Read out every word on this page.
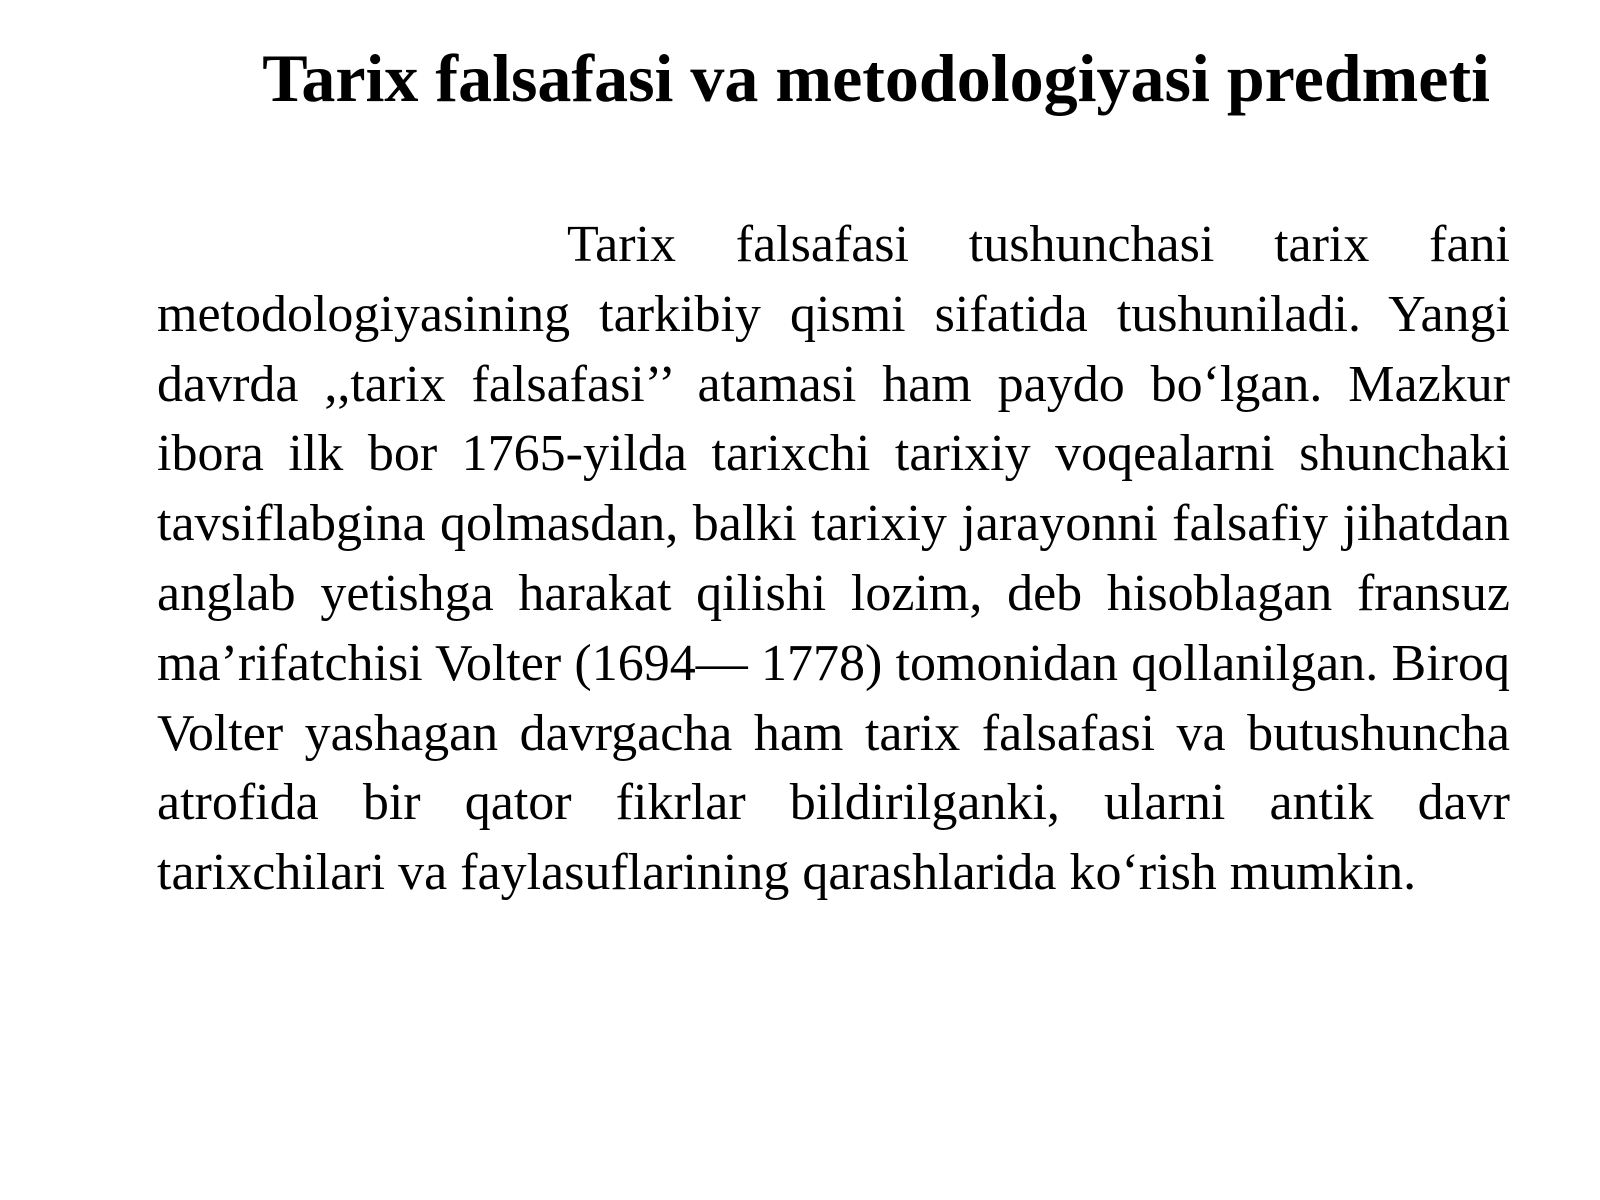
Tarix falsafasi va metodologiyasi predmeti

Tarix falsafasi tushunchasi tarix fani metodologiyasining tarkibiy qismi sifatida tushuniladi. Yangi davrda ,,tarix falsafasi’’ atamasi ham paydo bo‘lgan. Mazkur ibora ilk bor 1765-yilda tarixchi tarixiy voqealarni shunchaki tavsiflabgina qolmasdan, balki tarixiy jarayonni falsafiy jihatdan anglab yetishga harakat qilishi lozim, deb hisoblagan fransuz ma’rifatchisi Volter (1694— 1778) tomonidan qollanilgan. Biroq Volter yashagan davrgacha ham tarix falsafasi va butushuncha atrofida bir qator fikrlar bildirilganki, ularni antik davr tarixchilari va faylasuflarining qarashlarida ko‘rish mumkin.
